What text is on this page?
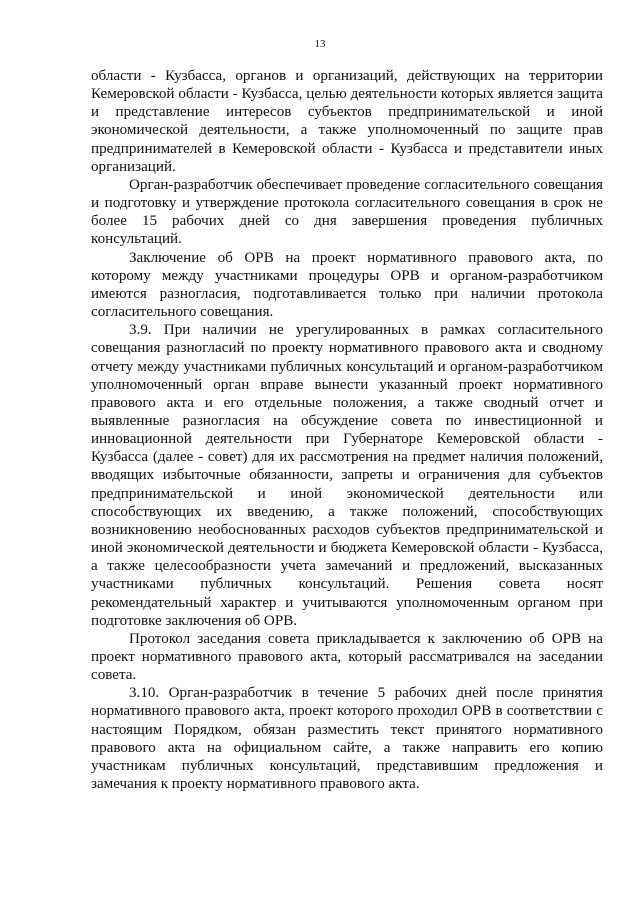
13

области - Кузбасса, органов и организаций, действующих на территории Кемеровской области - Кузбасса, целью деятельности которых является защита и представление интересов субъектов предпринимательской и иной экономической деятельности, а также уполномоченный по защите прав предпринимателей в Кемеровской области - Кузбасса и представители иных организаций.

Орган-разработчик обеспечивает проведение согласительного совещания и подготовку и утверждение протокола согласительного совещания в срок не более 15 рабочих дней со дня завершения проведения публичных консультаций.

Заключение об ОРВ на проект нормативного правового акта, по которому между участниками процедуры ОРВ и органом-разработчиком имеются разногласия, подготавливается только при наличии протокола согласительного совещания.

3.9. При наличии не урегулированных в рамках согласительного совещания разногласий по проекту нормативного правового акта и сводному отчету между участниками публичных консультаций и органом-разработчиком уполномоченный орган вправе вынести указанный проект нормативного правового акта и его отдельные положения, а также сводный отчет и выявленные разногласия на обсуждение совета по инвестиционной и инновационной деятельности при Губернаторе Кемеровской области - Кузбасса (далее - совет) для их рассмотрения на предмет наличия положений, вводящих избыточные обязанности, запреты и ограничения для субъектов предпринимательской и иной экономической деятельности или способствующих их введению, а также положений, способствующих возникновению необоснованных расходов субъектов предпринимательской и иной экономической деятельности и бюджета Кемеровской области - Кузбасса, а также целесообразности учета замечаний и предложений, высказанных участниками публичных консультаций. Решения совета носят рекомендательный характер и учитываются уполномоченным органом при подготовке заключения об ОРВ.

Протокол заседания совета прикладывается к заключению об ОРВ на проект нормативного правового акта, который рассматривался на заседании совета.

3.10. Орган-разработчик в течение 5 рабочих дней после принятия нормативного правового акта, проект которого проходил ОРВ в соответствии с настоящим Порядком, обязан разместить текст принятого нормативного правового акта на официальном сайте, а также направить его копию участникам публичных консультаций, представившим предложения и замечания к проекту нормативного правового акта.
